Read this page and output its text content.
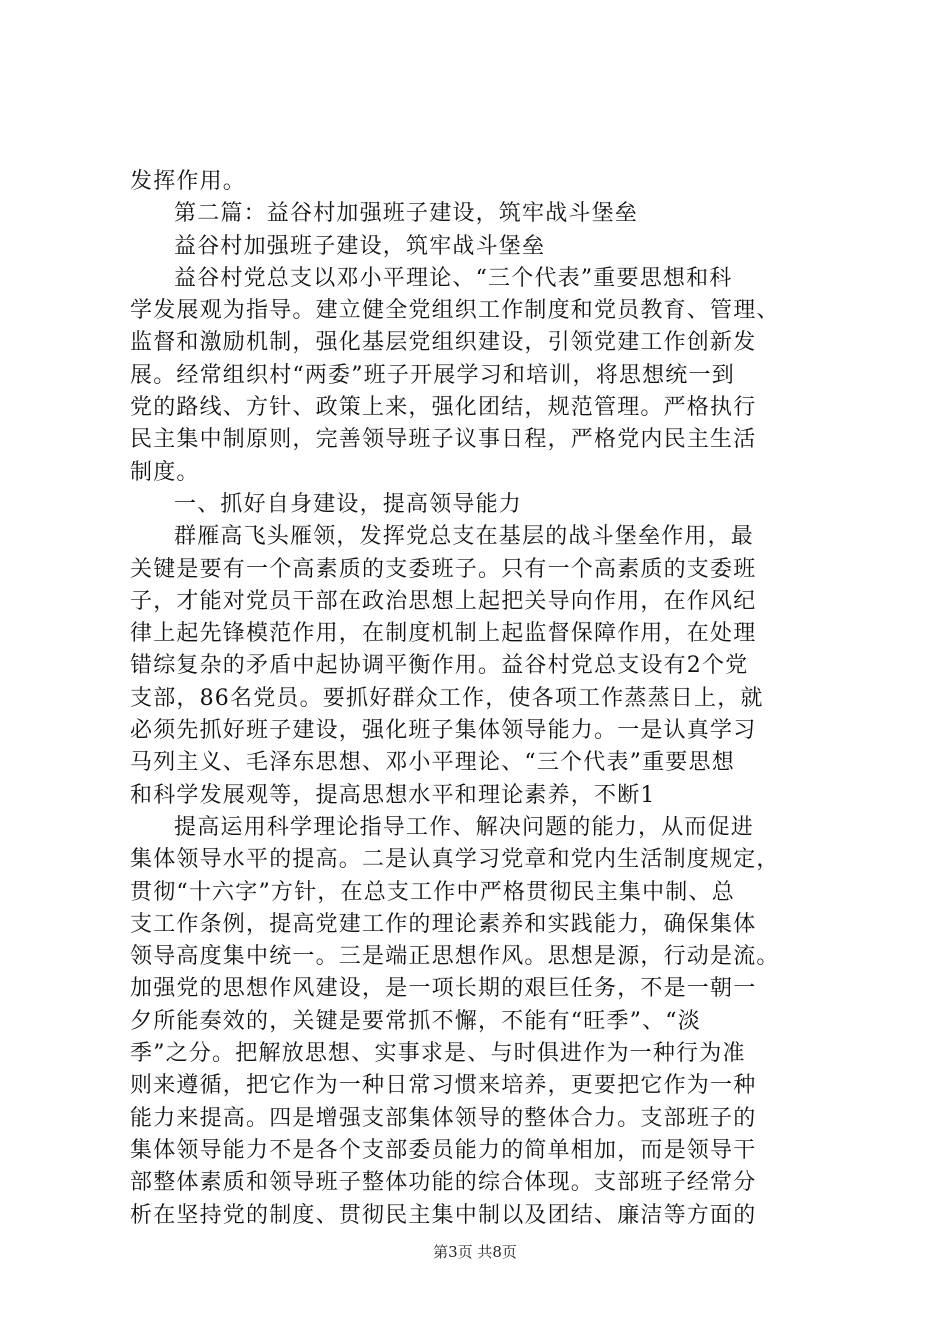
发挥作用。
第二篇：益谷村加强班子建设，筑牢战斗堡垒
益谷村加强班子建设，筑牢战斗堡垒
益谷村党总支以邓小平理论、“三个代表”重要思想和科
学发展观为指导。建立健全党组织工作制度和党员教育、管理、
监督和激励机制，强化基层党组织建设，引领党建工作创新发
展。经常组织村“两委”班子开展学习和培训，将思想统一到
党的路线、方针、政策上来，强化团结，规范管理。严格执行
民主集中制原则，完善领导班子议事日程，严格党内民主生活
制度。
一、抓好自身建设，提高领导能力
群雁高飞头雁领，发挥党总支在基层的战斗堡垒作用，最
关键是要有一个高素质的支委班子。只有一个高素质的支委班
子，才能对党员干部在政治思想上起把关导向作用，在作风纪
律上起先锋模范作用，在制度机制上起监督保障作用，在处理
错综复杂的矛盾中起协调平衡作用。益谷村党总支设有2个党
支部，86名党员。要抓好群众工作，使各项工作蒸蒸日上，就
必须先抓好班子建设，强化班子集体领导能力。一是认真学习
马列主义、毛泽东思想、邓小平理论、“三个代表”重要思想
和科学发展观等，提高思想水平和理论素养，不断1
提高运用科学理论指导工作、解决问题的能力，从而促进
集体领导水平的提高。二是认真学习党章和党内生活制度规定，
贯彻“十六字”方针，在总支工作中严格贯彻民主集中制、总
支工作条例，提高党建工作的理论素养和实践能力，确保集体
领导高度集中统一。三是端正思想作风。思想是源，行动是流。
加强党的思想作风建设，是一项长期的艰巨任务，不是一朝一
夕所能奏效的，关键是要常抓不懈，不能有“旺季”、“淡
季”之分。把解放思想、实事求是、与时俱进作为一种行为准
则来遵循，把它作为一种日常习惯来培养，更要把它作为一种
能力来提高。四是增强支部集体领导的整体合力。支部班子的
集体领导能力不是各个支部委员能力的简单相加，而是领导干
部整体素质和领导班子整体功能的综合体现。支部班子经常分
析在坚持党的制度、贯彻民主集中制以及团结、廉洁等方面的
第3页 共8页
